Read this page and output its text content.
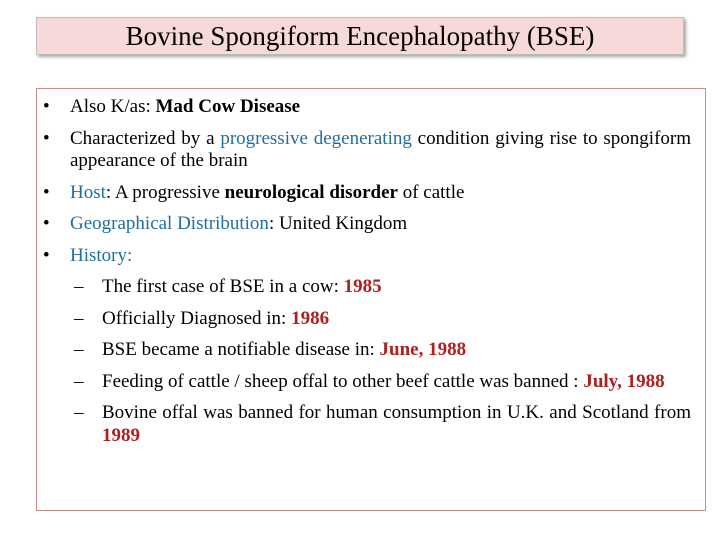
Bovine Spongiform Encephalopathy (BSE)
• Also K/as: Mad Cow Disease
• Characterized by a progressive degenerating condition giving rise to spongiform appearance of the brain
• Host: A progressive neurological disorder of cattle
• Geographical Distribution: United Kingdom
• History:
– The first case of BSE in a cow: 1985
– Officially Diagnosed in: 1986
– BSE became a notifiable disease in: June, 1988
– Feeding of cattle / sheep offal to other beef cattle was banned : July, 1988
– Bovine offal was banned for human consumption in U.K. and Scotland from 1989
